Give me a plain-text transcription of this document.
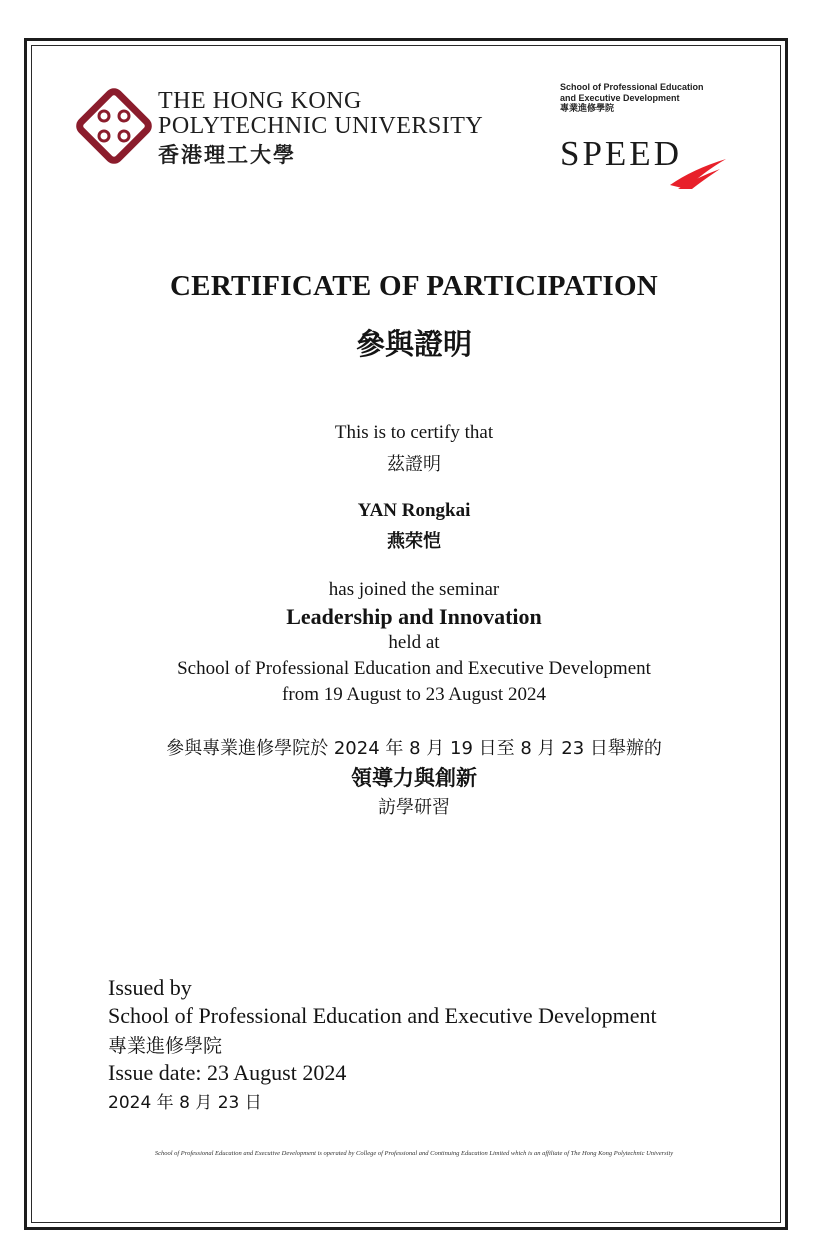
THE HONG KONG
POLYTECHNIC UNIVERSITY
香港理工大學
School of Professional Education
and Executive Development
專業進修學院
SPEED
CERTIFICATE OF PARTICIPATION
參與證明
This is to certify that
茲證明
YAN Rongkai
燕荣恺
has joined the seminar
Leadership and Innovation
held at
School of Professional Education and Executive Development
from 19 August to 23 August 2024
參與專業進修學院於 2024 年 8 月 19 日至 8 月 23 日舉辦的
領導力與創新
訪學研習
Issued by
School of Professional Education and Executive Development
專業進修學院
Issue date: 23 August 2024
2024 年 8 月 23 日
School of Professional Education and Executive Development is operated by College of Professional and Continuing Education Limited which is an affiliate of The Hong Kong Polytechnic University
